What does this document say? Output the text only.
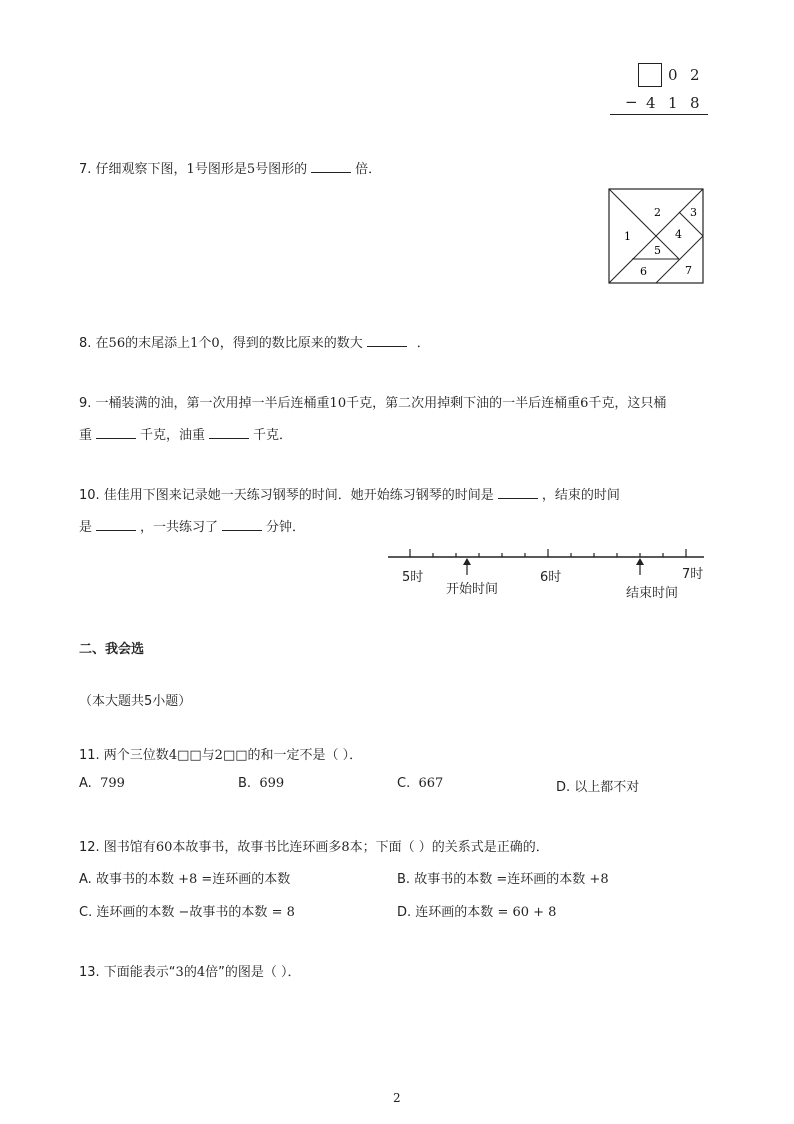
0 2
− 4 1 8
7. 仔细观察下图，1号图形是5号图形的	倍．
1
2	3
4
5
6	7
8. 在56的末尾添上1个0，得到的数比原来的数大	．
9. 一桶装满的油，第一次用掉一半后连桶重10千克，第二次用掉剩下油的一半后连桶重6千克，这只桶
重	千克，油重	千克．
10. 佳佳用下图来记录她一天练习钢琴的时间．她开始练习钢琴的时间是	，结束的时间
是	，一共练习了	分钟．
5时	6时	7时
开始时间	结束时间
二、我会选
（本大题共5小题）
11. 两个三位数4□□与2□□的和一定不是（ ）．
A. 799	B. 699	C. 667	D. 以上都不对
12. 图书馆有60本故事书，故事书比连环画多8本；下面（ ）的关系式是正确的．
A. 故事书的本数 +8 =连环画的本数	B. 故事书的本数 =连环画的本数 +8
C. 连环画的本数 −故事书的本数 = 8	D. 连环画的本数 = 60 + 8
13. 下面能表示“3的4倍”的图是（ ）．
2
